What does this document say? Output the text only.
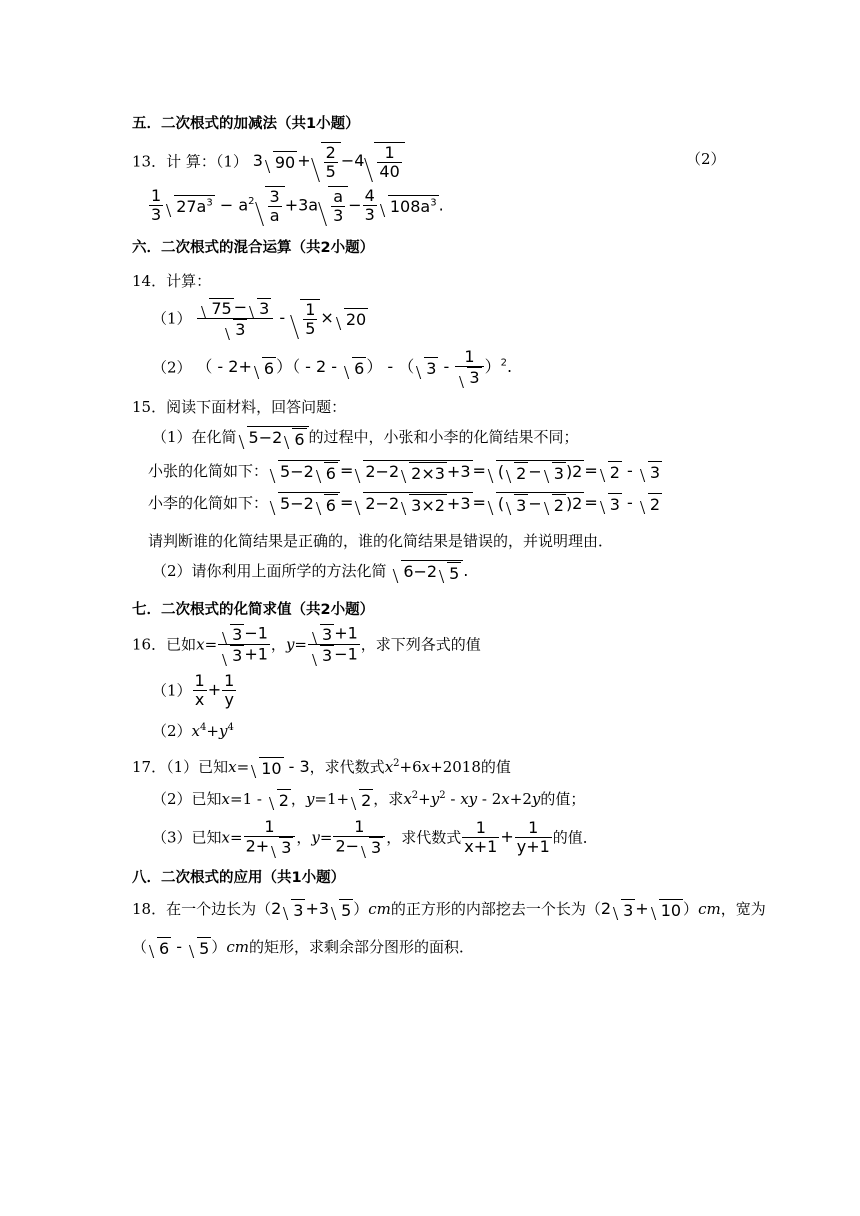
五．二次根式的加减法（共1小题）
13．计 算：（1） 3 $90 + \frac{2}{5} -4 \frac{1}{40}$	（2）
$\frac{1}{3} 27a^3 - a^2 \frac{3}{a} +3a \frac{a}{3} - \frac{4}{3} 108a^3$ .
六．二次根式的混合运算（共2小题）
14．计算：
$(1) \frac{75 - 3}{3} - \frac{1}{5} \times 20$
（2） （ - 2+ 6 ）（ - 2 - 6 ） - （ $3 - \frac{1}{3} )^2$.
15．阅读下面材料，回答问题：
（1）在化简 5−2 6 的过程中，小张和小李的化简结果不同；
小张的化简如下： 5−2 6 = 2−2 2×3 +3 = ( 2 − 3 )2 = 2 - 3
小李的化简如下： 5−2 6 = 2−2 3×2 +3 = ( 3 − 2 )2 = 3 - 2
请判断谁的化简结果是正确的，谁的化简结果是错误的，并说明理由．
（2）请你利用上面所学的方法化简 6−2 5 .
七．二次根式的化简求值（共2小题）
16．已如$x= \frac{3 -1}{3 +1}$ ，$y= \frac{3 +1}{3 -1}$ ，求下列各式的值
$(1) \frac{1}{x} + \frac{1}{y}$
$(2)x^4+y^4$
17．（1）已知x= 10 - 3，求代数式$x^2+6x+2018$的值
（2）已知x=1 - 2 ，y=1+ 2 ，求$x^2+y^2$ - xy - 2x+2y的值；
（3）已知$x= \frac{1}{2+ 3}$ ，$y= \frac{1}{2- 3}$ ，求代数式 $\frac{1}{x+1} + \frac{1}{y+1}$ 的值．
八．二次根式的应用（共1小题）
18．在一个边长为（2 3 +3 5 ）cm的正方形的内部挖去一个长为（2 3 + 10 ）cm，宽为
（ 6 - 5 ）cm的矩形，求剩余部分图形的面积．
